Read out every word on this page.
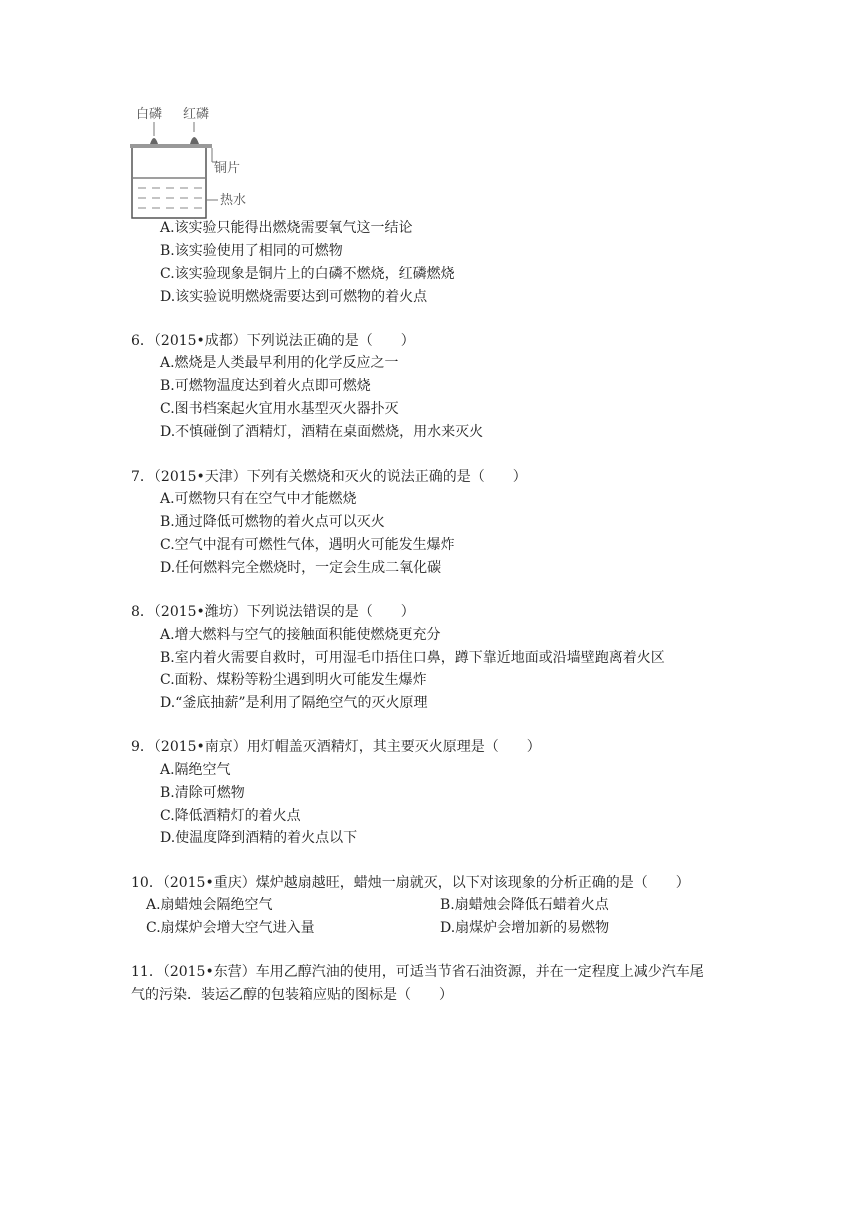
白磷 红磷
铜片
热水
A.该实验只能得出燃烧需要氧气这一结论
B.该实验使用了相同的可燃物
C.该实验现象是铜片上的白磷不燃烧，红磷燃烧
D.该实验说明燃烧需要达到可燃物的着火点
6．（2015•成都）下列说法正确的是（　　）
A.燃烧是人类最早利用的化学反应之一
B.可燃物温度达到着火点即可燃烧
C.图书档案起火宜用水基型灭火器扑灭
D.不慎碰倒了酒精灯，酒精在桌面燃烧，用水来灭火
7．（2015•天津）下列有关燃烧和灭火的说法正确的是（　　）
A.可燃物只有在空气中才能燃烧
B.通过降低可燃物的着火点可以灭火
C.空气中混有可燃性气体，遇明火可能发生爆炸
D.任何燃料完全燃烧时，一定会生成二氧化碳
8．（2015•潍坊）下列说法错误的是（　　）
A.增大燃料与空气的接触面积能使燃烧更充分
B.室内着火需要自救时，可用湿毛巾捂住口鼻，蹲下靠近地面或沿墙壁跑离着火区
C.面粉、煤粉等粉尘遇到明火可能发生爆炸
D.“釜底抽薪”是利用了隔绝空气的灭火原理
9．（2015•南京）用灯帽盖灭酒精灯，其主要灭火原理是（　　）
A.隔绝空气
B.清除可燃物
C.降低酒精灯的着火点
D.使温度降到酒精的着火点以下
10．（2015•重庆）煤炉越扇越旺，蜡烛一扇就灭，以下对该现象的分析正确的是（　　）
A.扇蜡烛会隔绝空气	B.扇蜡烛会降低石蜡着火点
C.扇煤炉会增大空气进入量	D.扇煤炉会增加新的易燃物
11．（2015•东营）车用乙醇汽油的使用，可适当节省石油资源，并在一定程度上减少汽车尾
气的污染．装运乙醇的包装箱应贴的图标是（　　）
